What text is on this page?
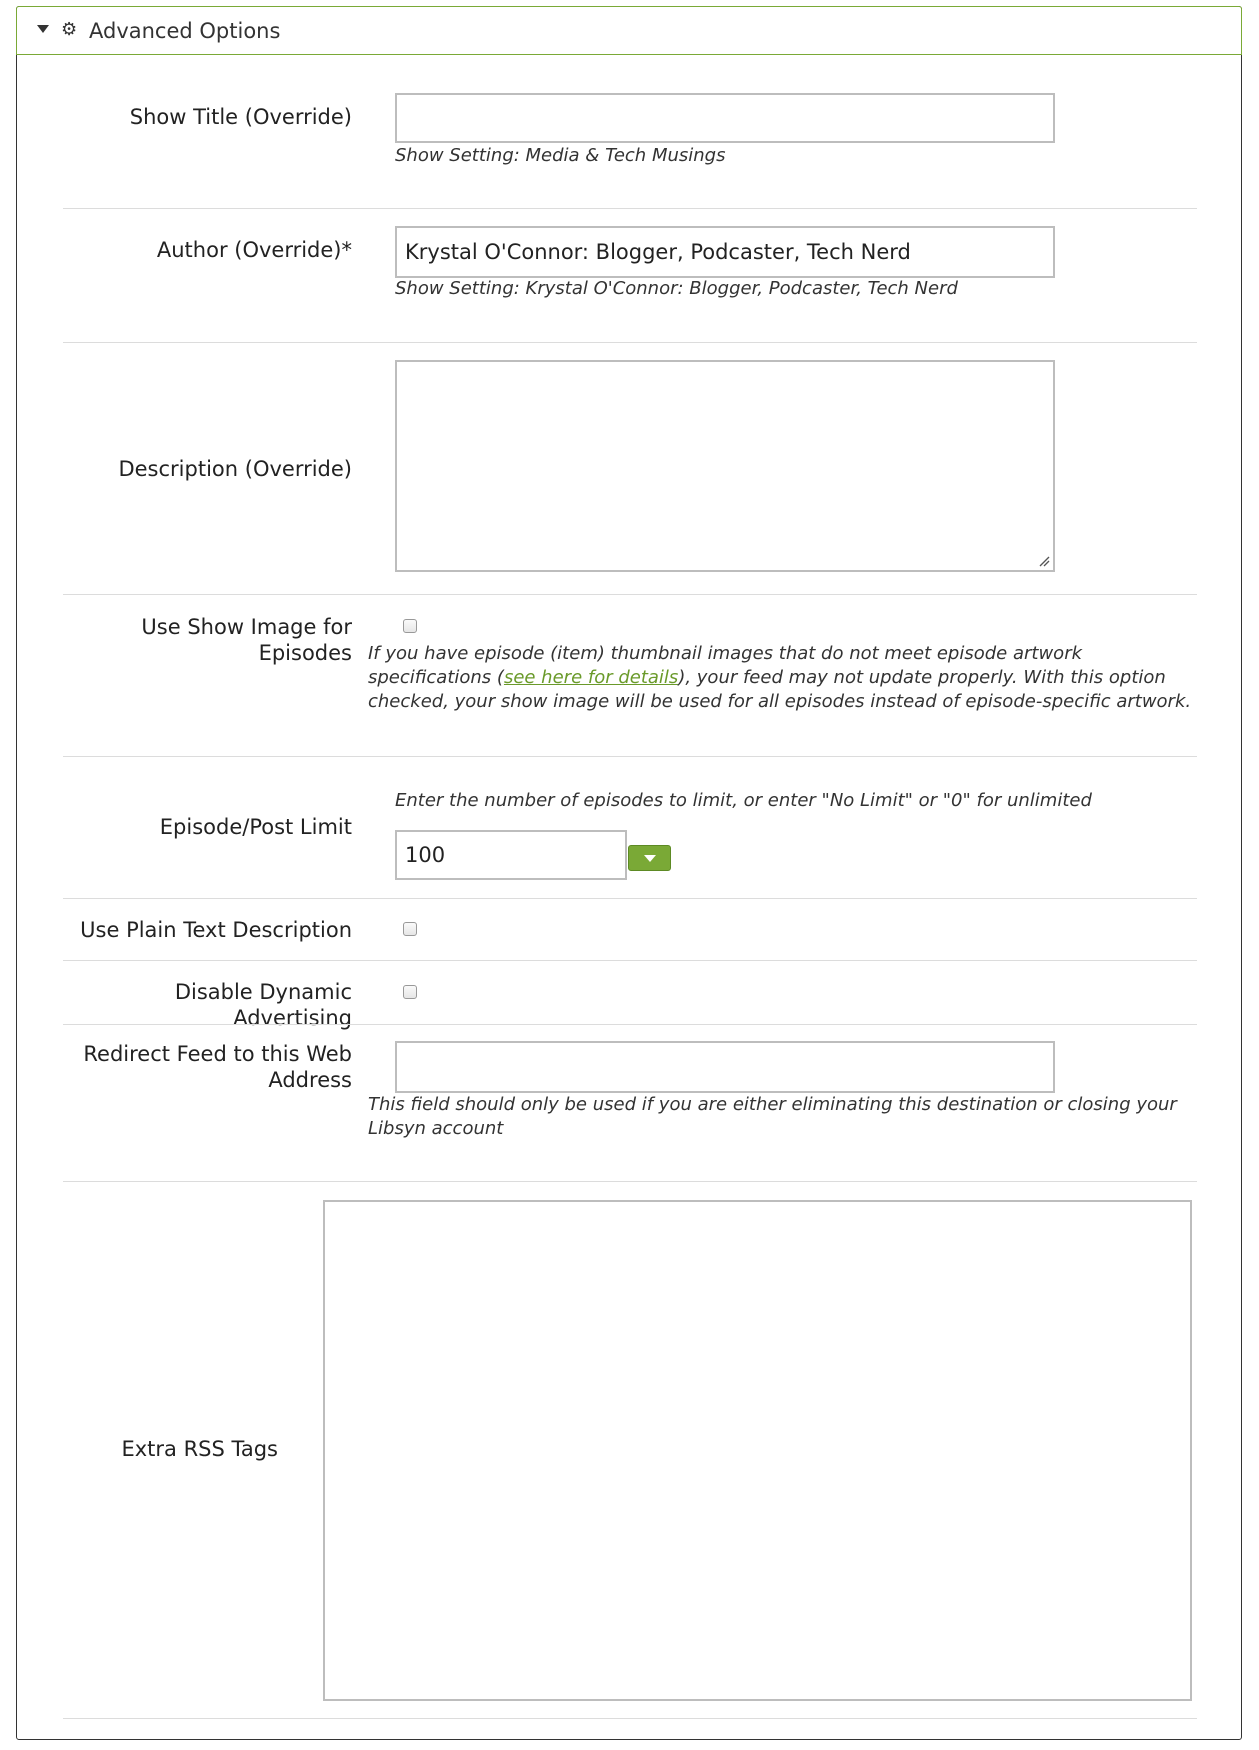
⚙ Advanced Options
Show Title (Override)
Show Setting: Media & Tech Musings
Author (Override)*	Krystal O'Connor: Blogger, Podcaster, Tech Nerd
Show Setting: Krystal O'Connor: Blogger, Podcaster, Tech Nerd
Description (Override)
Use Show Image for Episodes If you have episode (item) thumbnail images that do not meet episode artwork specifications (see here for details), your feed may not update properly. With this option checked, your show image will be used for all episodes instead of episode-specific artwork.
Enter the number of episodes to limit, or enter "No Limit" or "0" for unlimited
Episode/Post Limit
100
Use Plain Text Description
Disable Dynamic Advertising
Redirect Feed to this Web
Address
This field should only be used if you are either eliminating this destination or closing your Libsyn account
Extra RSS Tags
